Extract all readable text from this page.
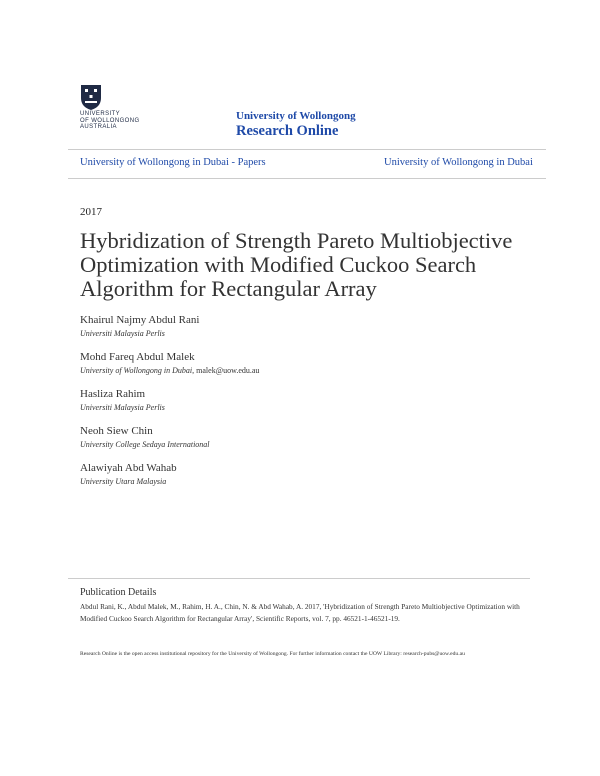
UNIVERSITY
OF WOLLONGONG
AUSTRALIA
University of Wollongong
Research Online
University of Wollongong in Dubai - Papers	University of Wollongong in Dubai
2017
Hybridization of Strength Pareto Multiobjective Optimization with Modified Cuckoo Search Algorithm for Rectangular Array
Khairul Najmy Abdul Rani
Universiti Malaysia Perlis
Mohd Fareq Abdul Malek
University of Wollongong in Dubai, malek@uow.edu.au
Hasliza Rahim
Universiti Malaysia Perlis
Neoh Siew Chin
University College Sedaya International
Alawiyah Abd Wahab
University Utara Malaysia
Publication Details
Abdul Rani, K., Abdul Malek, M., Rahim, H. A., Chin, N. & Abd Wahab, A. 2017, 'Hybridization of Strength Pareto Multiobjective Optimization with Modified Cuckoo Search Algorithm for Rectangular Array', Scientific Reports, vol. 7, pp. 46521-1-46521-19.
Research Online is the open access institutional repository for the University of Wollongong. For further information contact the UOW Library: research-pubs@uow.edu.au
